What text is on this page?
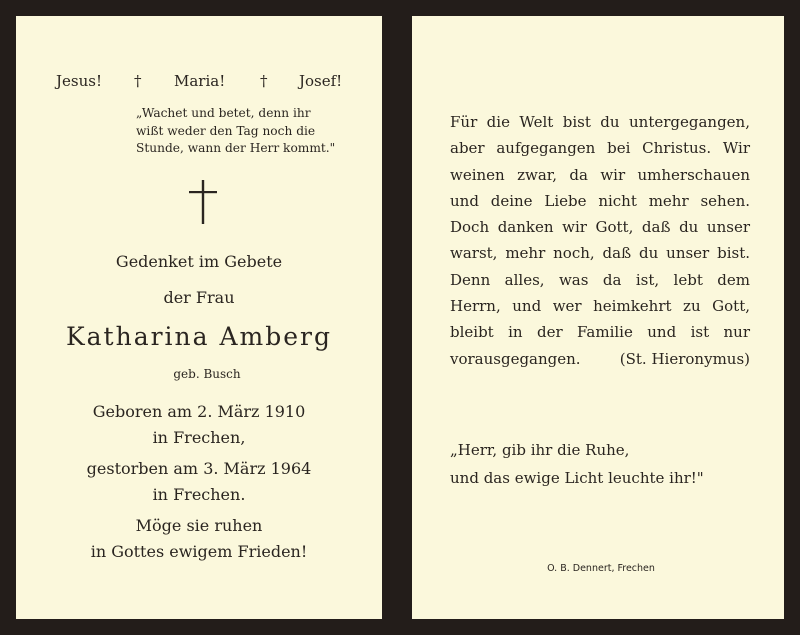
Jesus! † Maria! † Josef!

„Wachet und betet, denn ihr
wißt weder den Tag noch die
Stunde, wann der Herr kommt."

Gedenket im Gebete
der Frau
Katharina Amberg
geb. Busch
Geboren am 2. März 1910
in Frechen,
gestorben am 3. März 1964
in Frechen.
Möge sie ruhen
in Gottes ewigem Frieden!

Für die Welt bist du untergegangen,
aber aufgegangen bei Christus. Wir
weinen zwar, da wir umherschauen
und deine Liebe nicht mehr sehen.
Doch danken wir Gott, daß du unser
warst, mehr noch, daß du unser bist.
Denn alles, was da ist, lebt dem
Herrn, und wer heimkehrt zu Gott,
bleibt in der Familie und ist nur
vorausgegangen.	(St. Hieronymus)

„Herr, gib ihr die Ruhe,
und das ewige Licht leuchte ihr!"

O. B. Dennert, Frechen
